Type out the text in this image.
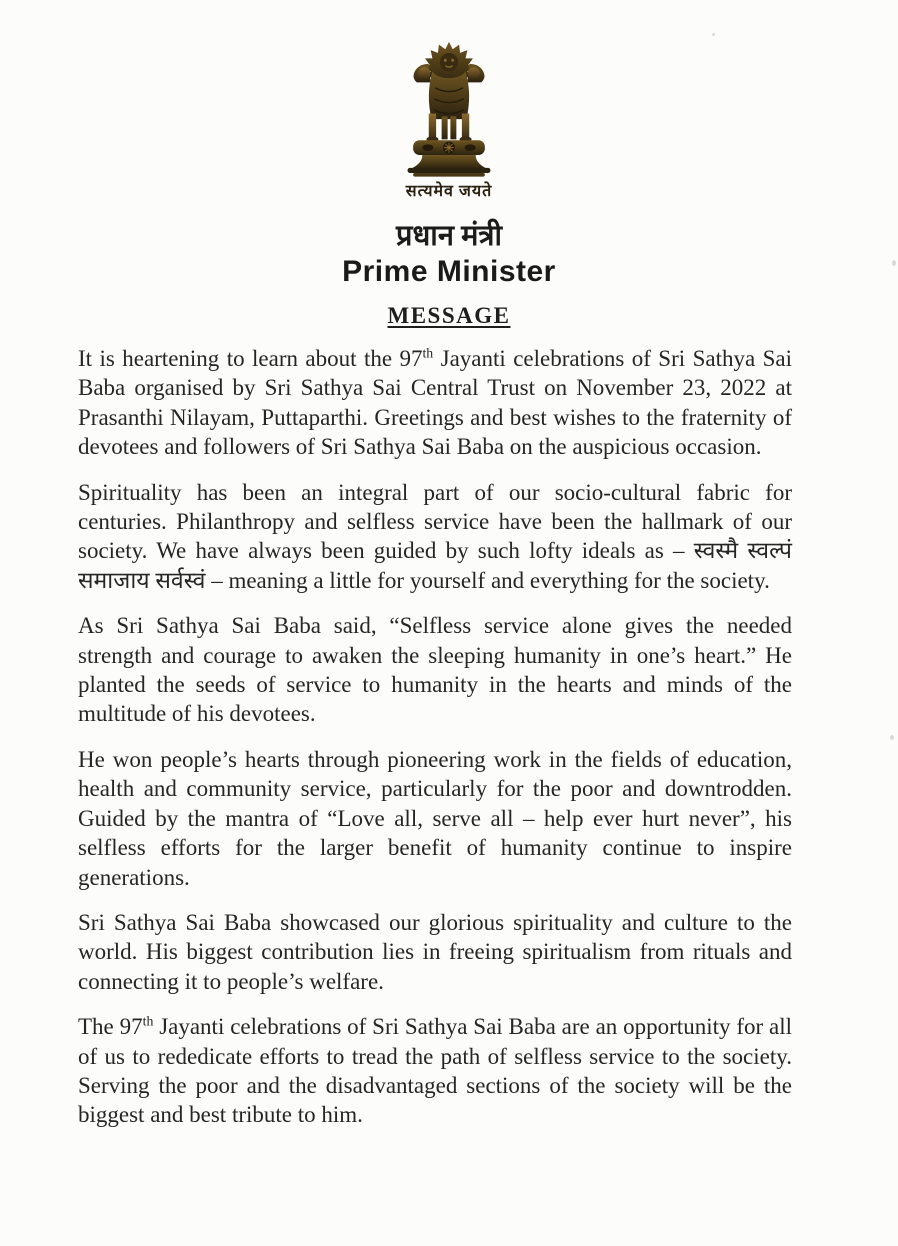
सत्यमेव जयते
प्रधान मंत्री
Prime Minister
MESSAGE

It is heartening to learn about the 97th Jayanti celebrations of Sri Sathya Sai Baba organised by Sri Sathya Sai Central Trust on November 23, 2022 at Prasanthi Nilayam, Puttaparthi. Greetings and best wishes to the fraternity of devotees and followers of Sri Sathya Sai Baba on the auspicious occasion.

Spirituality has been an integral part of our socio-cultural fabric for centuries. Philanthropy and selfless service have been the hallmark of our society. We have always been guided by such lofty ideals as – स्वस्मै स्वल्पं समाजाय सर्वस्वं – meaning a little for yourself and everything for the society.

As Sri Sathya Sai Baba said, “Selfless service alone gives the needed strength and courage to awaken the sleeping humanity in one’s heart.” He planted the seeds of service to humanity in the hearts and minds of the multitude of his devotees.

He won people’s hearts through pioneering work in the fields of education, health and community service, particularly for the poor and downtrodden. Guided by the mantra of “Love all, serve all – help ever hurt never”, his selfless efforts for the larger benefit of humanity continue to inspire generations.

Sri Sathya Sai Baba showcased our glorious spirituality and culture to the world. His biggest contribution lies in freeing spiritualism from rituals and connecting it to people’s welfare.

The 97th Jayanti celebrations of Sri Sathya Sai Baba are an opportunity for all of us to rededicate efforts to tread the path of selfless service to the society. Serving the poor and the disadvantaged sections of the society will be the biggest and best tribute to him.
